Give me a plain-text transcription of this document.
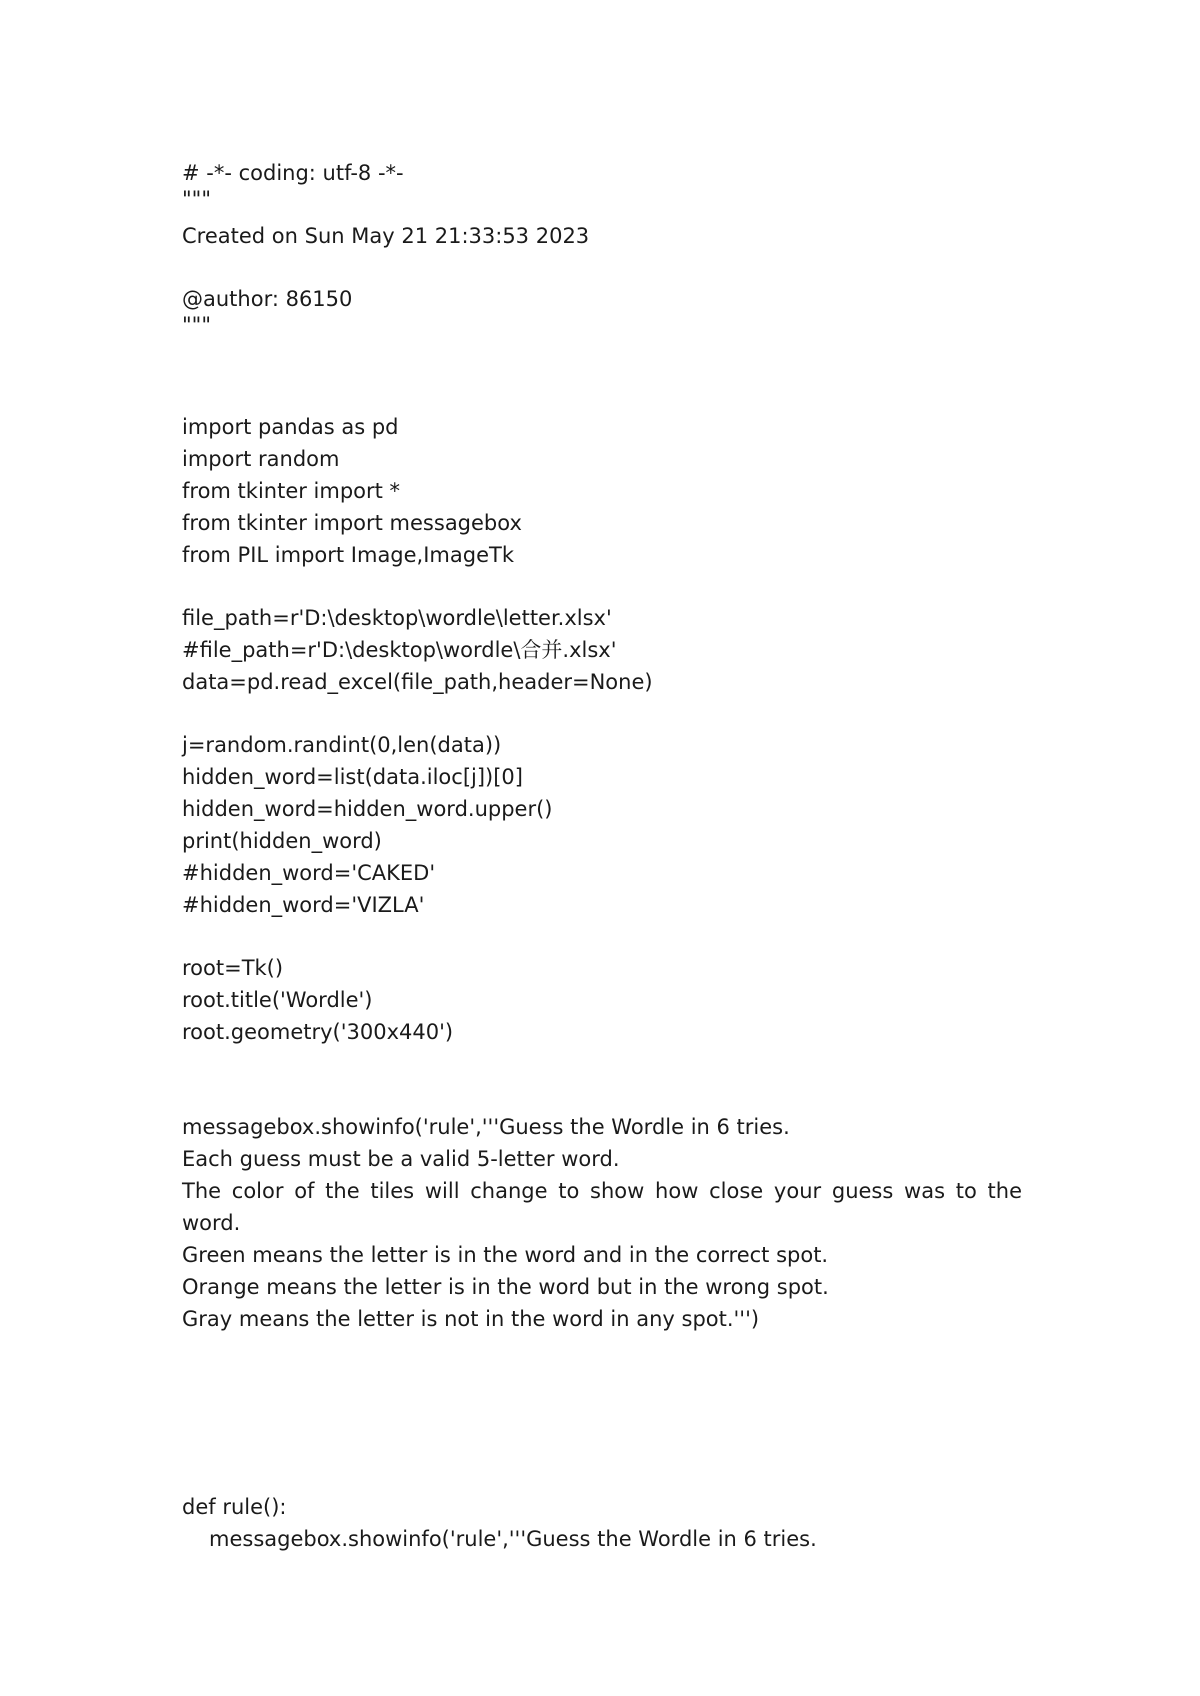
# -*- coding: utf-8 -*-
"""
Created on Sun May 21 21:33:53 2023
@author: 86150
"""
import pandas as pd
import random
from tkinter import *
from tkinter import messagebox
from PIL import Image,ImageTk
file_path=r'D:\desktop\wordle\letter.xlsx'
#file_path=r'D:\desktop\wordle\合并.xlsx'
data=pd.read_excel(file_path,header=None)
j=random.randint(0,len(data))
hidden_word=list(data.iloc[j])[0]
hidden_word=hidden_word.upper()
print(hidden_word)
#hidden_word='CAKED'
#hidden_word='VIZLA'
root=Tk()
root.title('Wordle')
root.geometry('300x440')
messagebox.showinfo('rule','''Guess the Wordle in 6 tries.
Each guess must be a valid 5-letter word.
The color of the tiles will change to show how close your guess was to the word.
Green means the letter is in the word and in the correct spot.
Orange means the letter is in the word but in the wrong spot.
Gray means the letter is not in the word in any spot.''')
def rule():
messagebox.showinfo('rule','''Guess the Wordle in 6 tries.
